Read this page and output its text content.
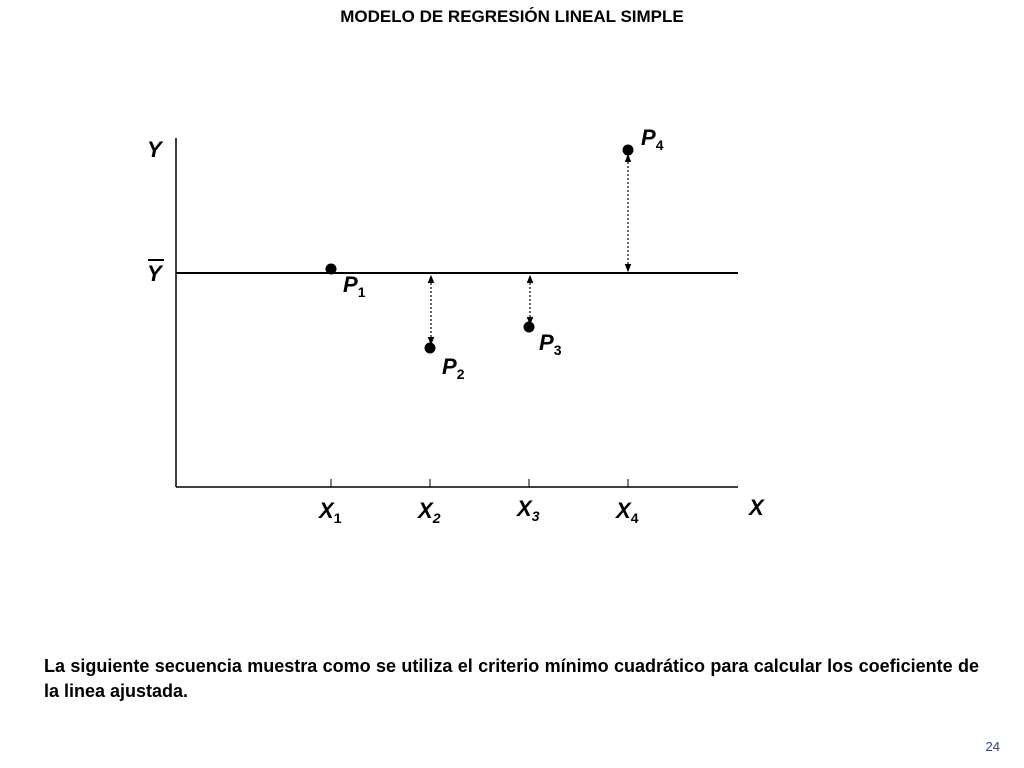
MODELO DE REGRESIÓN LINEAL SIMPLE
Y
X
Y
$X_1$	$X_2$	$X_3$	$X_4$
$P_1$
$P_2$
$P_3$
$P_4$
La siguiente secuencia muestra como se utiliza el criterio mínimo cuadrático para calcular los coeficiente de la linea ajustada.
24
